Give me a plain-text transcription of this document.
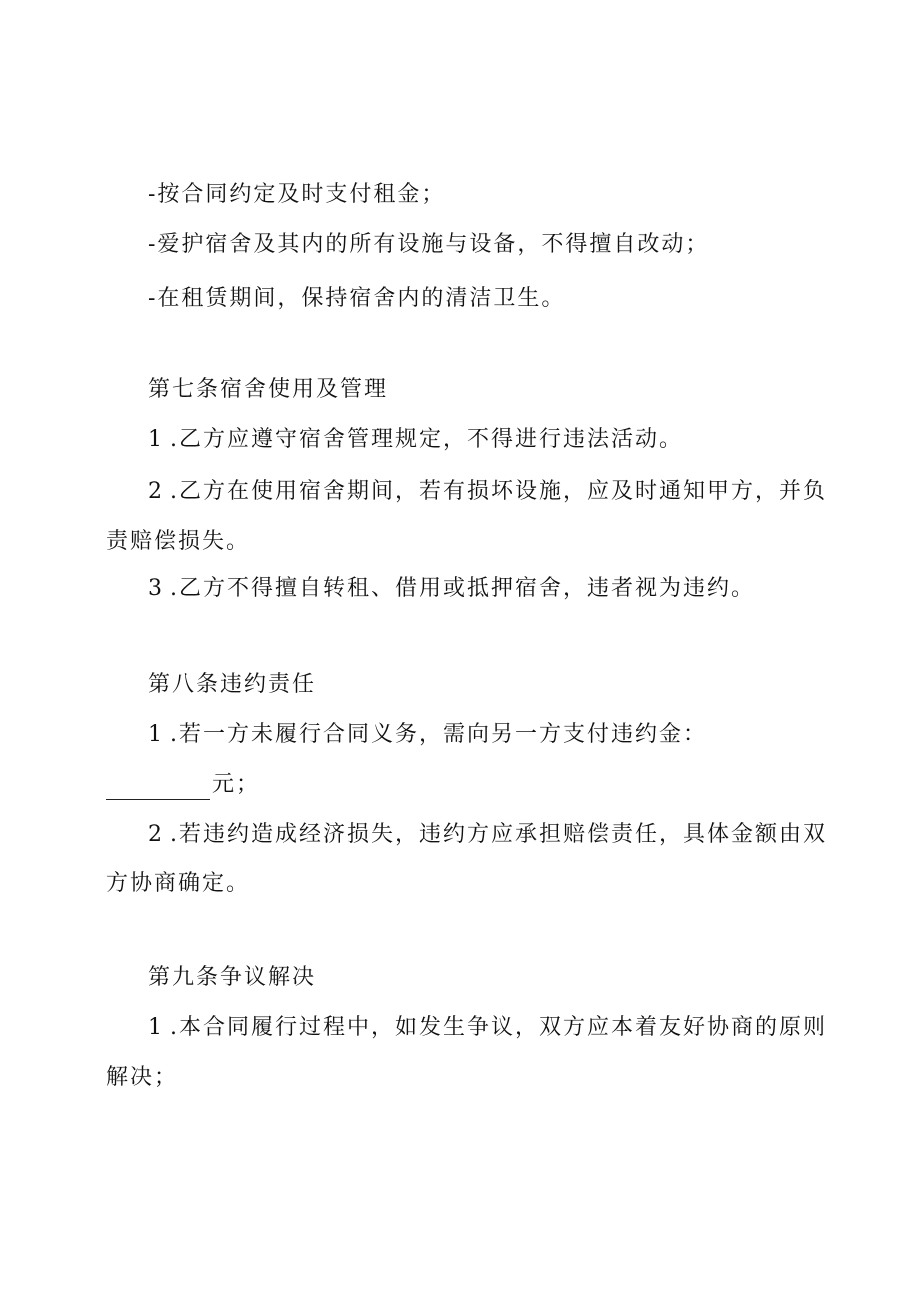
-按合同约定及时支付租金；
-爱护宿舍及其内的所有设施与设备，不得擅自改动；
-在租赁期间，保持宿舍内的清洁卫生。
第七条宿舍使用及管理
1 .乙方应遵守宿舍管理规定，不得进行违法活动。
2 .乙方在使用宿舍期间，若有损坏设施，应及时通知甲方，并负
责赔偿损失。
3 .乙方不得擅自转租、借用或抵押宿舍，违者视为违约。
第八条违约责任
1 .若一方未履行合同义务，需向另一方支付违约金：
元；
2 .若违约造成经济损失，违约方应承担赔偿责任，具体金额由双
方协商确定。
第九条争议解决
1 .本合同履行过程中，如发生争议，双方应本着友好协商的原则
解决；
